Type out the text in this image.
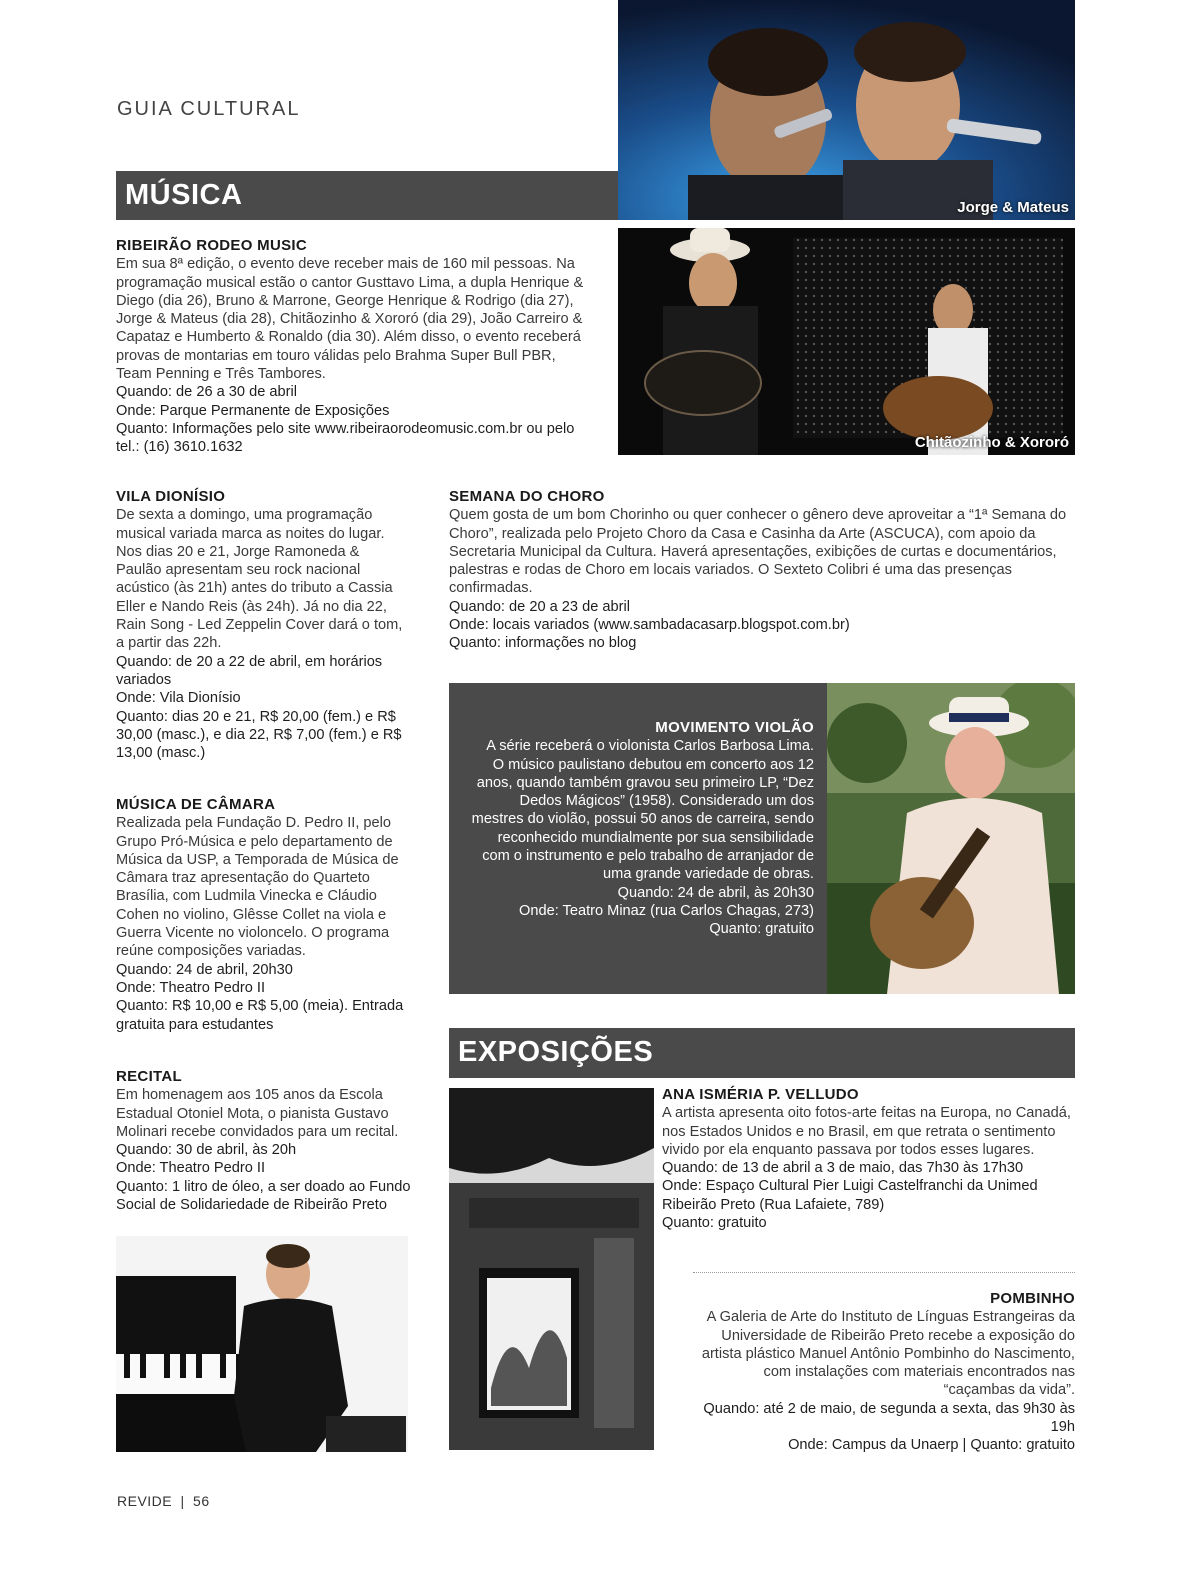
GUIA CULTURAL
Jorge & Mateus
MÚSICA
Chitãozinho & Xororó
RIBEIRÃO RODEO MUSIC

Em sua 8ª edição, o evento deve receber mais de 160 mil pessoas. Na programação musical estão o cantor Gusttavo Lima, a dupla Henrique & Diego (dia 26), Bruno & Marrone, George Henrique & Rodrigo (dia 27), Jorge & Mateus (dia 28), Chitãozinho & Xororó (dia 29), João Carreiro & Capataz e Humberto & Ronaldo (dia 30). Além disso, o evento receberá provas de montarias em touro válidas pelo Brahma Super Bull PBR, Team Penning e Três Tambores.

Quando: de 26 a 30 de abril

Onde: Parque Permanente de Exposições

Quanto: Informações pelo site www.ribeiraorodeomusic.com.br ou pelo tel.: (16) 3610.1632

VILA DIONÍSIO

De sexta a domingo, uma programação musical variada marca as noites do lugar. Nos dias 20 e 21, Jorge Ramoneda & Paulão apresentam seu rock nacional acústico (às 21h) antes do tributo a Cassia Eller e Nando Reis (às 24h). Já no dia 22, Rain Song - Led Zeppelin Cover dará o tom, a partir das 22h.

Quando: de 20 a 22 de abril, em horários variados

Onde: Vila Dionísio

Quanto: dias 20 e 21, R$ 20,00 (fem.) e R$ 30,00 (masc.), e dia 22, R$ 7,00 (fem.) e R$ 13,00 (masc.)

MÚSICA DE CÂMARA

Realizada pela Fundação D. Pedro II, pelo Grupo Pró-Música e pelo departamento de Música da USP, a Temporada de Música de Câmara traz apresentação do Quarteto Brasília, com Ludmila Vinecka e Cláudio Cohen no violino, Glêsse Collet na viola e Guerra Vicente no violoncelo. O programa reúne composições variadas.

Quando: 24 de abril, 20h30

Onde: Theatro Pedro II

Quanto: R$ 10,00 e R$ 5,00 (meia). Entrada gratuita para estudantes

RECITAL

Em homenagem aos 105 anos da Escola Estadual Otoniel Mota, o pianista Gustavo Molinari recebe convidados para um recital.

Quando: 30 de abril, às 20h

Onde: Theatro Pedro II

Quanto: 1 litro de óleo, a ser doado ao Fundo Social de Solidariedade de Ribeirão Preto

SEMANA DO CHORO

Quem gosta de um bom Chorinho ou quer conhecer o gênero deve aproveitar a “1ª Semana do Choro”, realizada pelo Projeto Choro da Casa e Casinha da Arte (ASCUCA), com apoio da Secretaria Municipal da Cultura. Haverá apresentações, exibições de curtas e documentários, palestras e rodas de Choro em locais variados. O Sexteto Colibri é uma das presenças confirmadas.

Quando: de 20 a 23 de abril

Onde: locais variados (www.sambadacasarp.blogspot.com.br)

Quanto: informações no blog

MOVIMENTO VIOLÃO

A série receberá o violonista Carlos Barbosa Lima. O músico paulistano debutou em concerto aos 12 anos, quando também gravou seu primeiro LP, “Dez Dedos Mágicos” (1958). Considerado um dos mestres do violão, possui 50 anos de carreira, sendo reconhecido mundialmente por sua sensibilidade com o instrumento e pelo trabalho de arranjador de uma grande variedade de obras.

Quando: 24 de abril, às 20h30

Onde: Teatro Minaz (rua Carlos Chagas, 273)

Quanto: gratuito

EXPOSIÇÕES
ANA ISMÉRIA P. VELLUDO

A artista apresenta oito fotos-arte feitas na Europa, no Canadá, nos Estados Unidos e no Brasil, em que retrata o sentimento vivido por ela enquanto passava por todos esses lugares.

Quando: de 13 de abril a 3 de maio, das 7h30 às 17h30

Onde: Espaço Cultural Pier Luigi Castelfranchi da Unimed Ribeirão Preto (Rua Lafaiete, 789)

Quanto: gratuito

POMBINHO

A Galeria de Arte do Instituto de Línguas Estrangeiras da Universidade de Ribeirão Preto recebe a exposição do artista plástico Manuel Antônio Pombinho do Nascimento, com instalações com materiais encontrados nas “caçambas da vida”.

Quando: até 2 de maio, de segunda a sexta, das 9h30 às 19h

Onde: Campus da Unaerp | Quanto: gratuito

REVIDE | 56
